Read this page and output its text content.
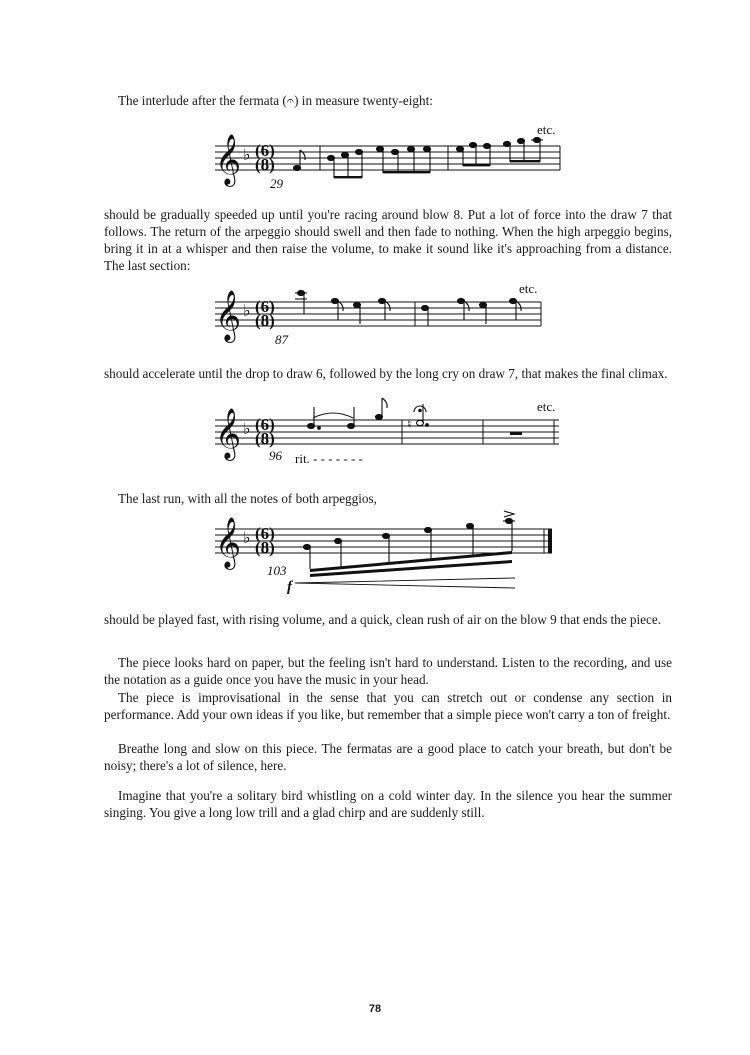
The interlude after the fermata (𝄐) in measure twenty-eight:

𝄞 ♭ (6)
(8)
29
etc.

should be gradually speeded up until you're racing around blow 8. Put a lot of force into the draw 7 that follows. The return of the arpeggio should swell and then fade to nothing. When the high arpeggio begins, bring it in at a whisper and then raise the volume, to make it sound like it's approaching from a distance. The last section:

𝄞 ♭ (6)
(8)
87
etc.

should accelerate until the drop to draw 6, followed by the long cry on draw 7, that makes the final climax.

𝄞 ♭ (6)
(8)
96 rit. - - - - - - -
♮
etc.

The last run, with all the notes of both arpeggios,

𝄞 ♭ (6)
(8)
103
f

should be played fast, with rising volume, and a quick, clean rush of air on the blow 9 that ends the piece.

The piece looks hard on paper, but the feeling isn't hard to understand. Listen to the recording, and use the notation as a guide once you have the music in your head.

The piece is improvisational in the sense that you can stretch out or condense any section in performance. Add your own ideas if you like, but remember that a simple piece won't carry a ton of freight.

Breathe long and slow on this piece. The fermatas are a good place to catch your breath, but don't be noisy; there's a lot of silence, here.

Imagine that you're a solitary bird whistling on a cold winter day. In the silence you hear the summer singing. You give a long low trill and a glad chirp and are suddenly still.

78
